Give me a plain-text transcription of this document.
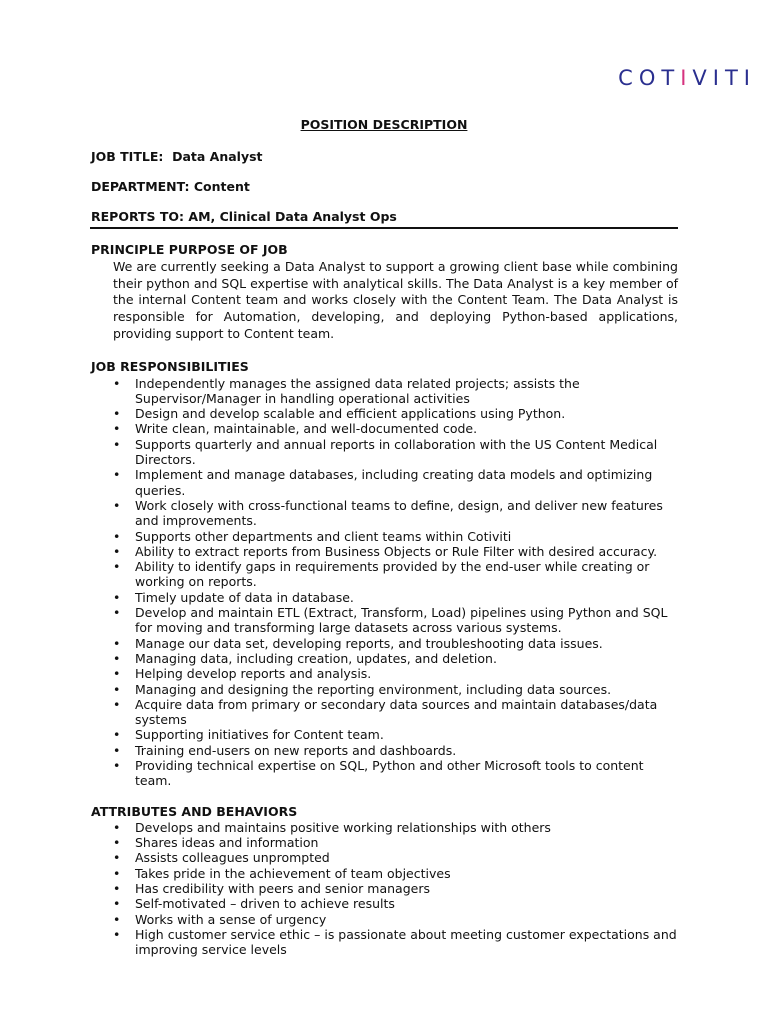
COTIVITI
POSITION DESCRIPTION
JOB TITLE: Data Analyst
DEPARTMENT: Content
REPORTS TO: AM, Clinical Data Analyst Ops

PRINCIPLE PURPOSE OF JOB

We are currently seeking a Data Analyst to support a growing client base while combining their python and SQL expertise with analytical skills. The Data Analyst is a key member of the internal Content team and works closely with the Content Team. The Data Analyst is responsible for Automation, developing, and deploying Python-based applications, providing support to Content team.

JOB RESPONSIBILITIES

• Independently manages the assigned data related projects; assists the Supervisor/Manager in handling operational activities
• Design and develop scalable and efficient applications using Python.
• Write clean, maintainable, and well-documented code.
• Supports quarterly and annual reports in collaboration with the US Content Medical Directors.
• Implement and manage databases, including creating data models and optimizing queries.
• Work closely with cross-functional teams to define, design, and deliver new features and improvements.
• Supports other departments and client teams within Cotiviti
• Ability to extract reports from Business Objects or Rule Filter with desired accuracy.
• Ability to identify gaps in requirements provided by the end-user while creating or working on reports.
• Timely update of data in database.
• Develop and maintain ETL (Extract, Transform, Load) pipelines using Python and SQL for moving and transforming large datasets across various systems.
• Manage our data set, developing reports, and troubleshooting data issues.
• Managing data, including creation, updates, and deletion.
• Helping develop reports and analysis.
• Managing and designing the reporting environment, including data sources.
• Acquire data from primary or secondary data sources and maintain databases/data systems
• Supporting initiatives for Content team.
• Training end-users on new reports and dashboards.
• Providing technical expertise on SQL, Python and other Microsoft tools to content team.

ATTRIBUTES AND BEHAVIORS

• Develops and maintains positive working relationships with others
• Shares ideas and information
• Assists colleagues unprompted
• Takes pride in the achievement of team objectives
• Has credibility with peers and senior managers
• Self-motivated – driven to achieve results
• Works with a sense of urgency
• High customer service ethic – is passionate about meeting customer expectations and improving service levels
